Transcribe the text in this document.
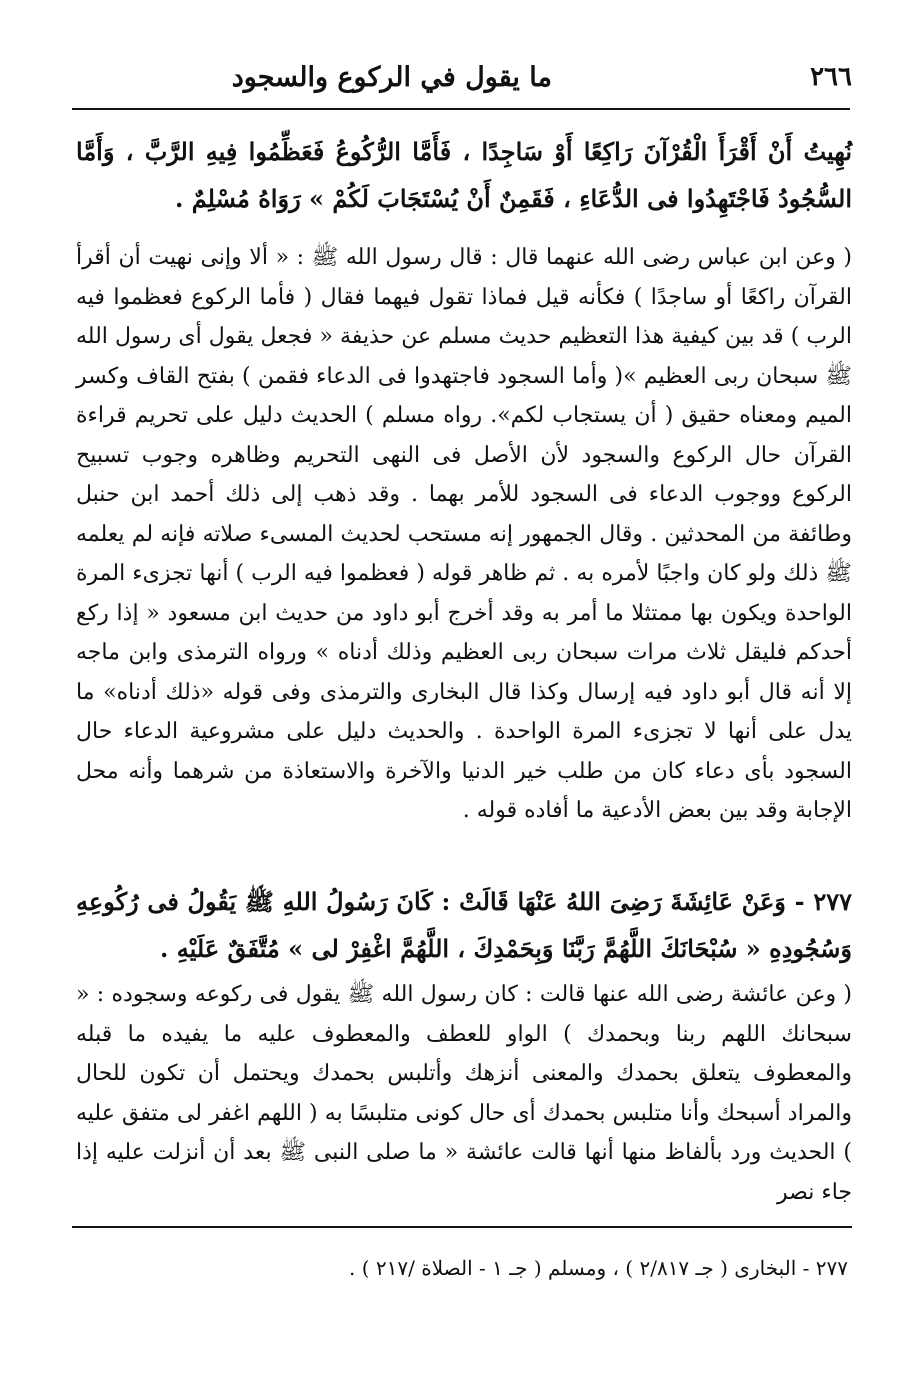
٢٦٦
ما يقول في الركوع والسجود

نُهِيتُ أَنْ أَقْرَأَ الْقُرْآنَ رَاكِعًا أَوْ سَاجِدًا ، فَأَمَّا الرُّكُوعُ فَعَظِّمُوا فِيهِ الرَّبَّ ، وَأَمَّا السُّجُودُ فَاجْتَهِدُوا فى الدُّعَاءِ ، فَقَمِنٌ أَنْ يُسْتَجَابَ لَكُمْ » رَوَاهُ مُسْلِمٌ .

( وعن ابن عباس رضى الله عنهما قال : قال رسول الله ﷺ : « ألا وإنى نهيت أن أقرأ القرآن راكعًا أو ساجدًا ) فكأنه قيل فماذا تقول فيهما فقال ( فأما الركوع فعظموا فيه الرب ) قد بين كيفية هذا التعظيم حديث مسلم عن حذيفة « فجعل يقول أى رسول الله ﷺ سبحان ربى العظيم »( وأما السجود فاجتهدوا فى الدعاء فقمن ) بفتح القاف وكسر الميم ومعناه حقيق ( أن يستجاب لكم». رواه مسلم ) الحديث دليل على تحريم قراءة القرآن حال الركوع والسجود لأن الأصل فى النهى التحريم وظاهره وجوب تسبيح الركوع ووجوب الدعاء فى السجود للأمر بهما . وقد ذهب إلى ذلك أحمد ابن حنبل وطائفة من المحدثين . وقال الجمهور إنه مستحب لحديث المسىء صلاته فإنه لم يعلمه ﷺ ذلك ولو كان واجبًا لأمره به . ثم ظاهر قوله ( فعظموا فيه الرب ) أنها تجزىء المرة الواحدة ويكون بها ممتثلا ما أمر به وقد أخرج أبو داود من حديث ابن مسعود « إذا ركع أحدكم فليقل ثلاث مرات سبحان ربى العظيم وذلك أدناه » ورواه الترمذى وابن ماجه إلا أنه قال أبو داود فيه إرسال وكذا قال البخارى والترمذى وفى قوله «ذلك أدناه» ما يدل على أنها لا تجزىء المرة الواحدة . والحديث دليل على مشروعية الدعاء حال السجود بأى دعاء كان من طلب خير الدنيا والآخرة والاستعاذة من شرهما وأنه محل الإجابة وقد بين بعض الأدعية ما أفاده قوله .

٢٧٧ - وَعَنْ عَائِشَةَ رَضِىَ اللهُ عَنْهَا قَالَتْ : كَانَ رَسُولُ اللهِ ﷺ يَقُولُ فى رُكُوعِهِ وَسُجُودِهِ « سُبْحَانَكَ اللَّهُمَّ رَبَّنَا وَبِحَمْدِكَ ، اللَّهُمَّ اغْفِرْ لى » مُتَّفَقٌ عَلَيْهِ .

( وعن عائشة رضى الله عنها قالت : كان رسول الله ﷺ يقول فى ركوعه وسجوده : « سبحانك اللهم ربنا وبحمدك ) الواو للعطف والمعطوف عليه ما يفيده ما قبله والمعطوف يتعلق بحمدك والمعنى أنزهك وأتلبس بحمدك ويحتمل أن تكون للحال والمراد أسبحك وأنا متلبس بحمدك أى حال كونى متلبسًا به ( اللهم اغفر لى متفق عليه ) الحديث ورد بألفاظ منها أنها قالت عائشة « ما صلى النبى ﷺ بعد أن أنزلت عليه إذا جاء نصر

٢٧٧ - البخارى ( جـ ٢/٨١٧ ) ، ومسلم ( جـ ١ - الصلاة /٢١٧ ) .
